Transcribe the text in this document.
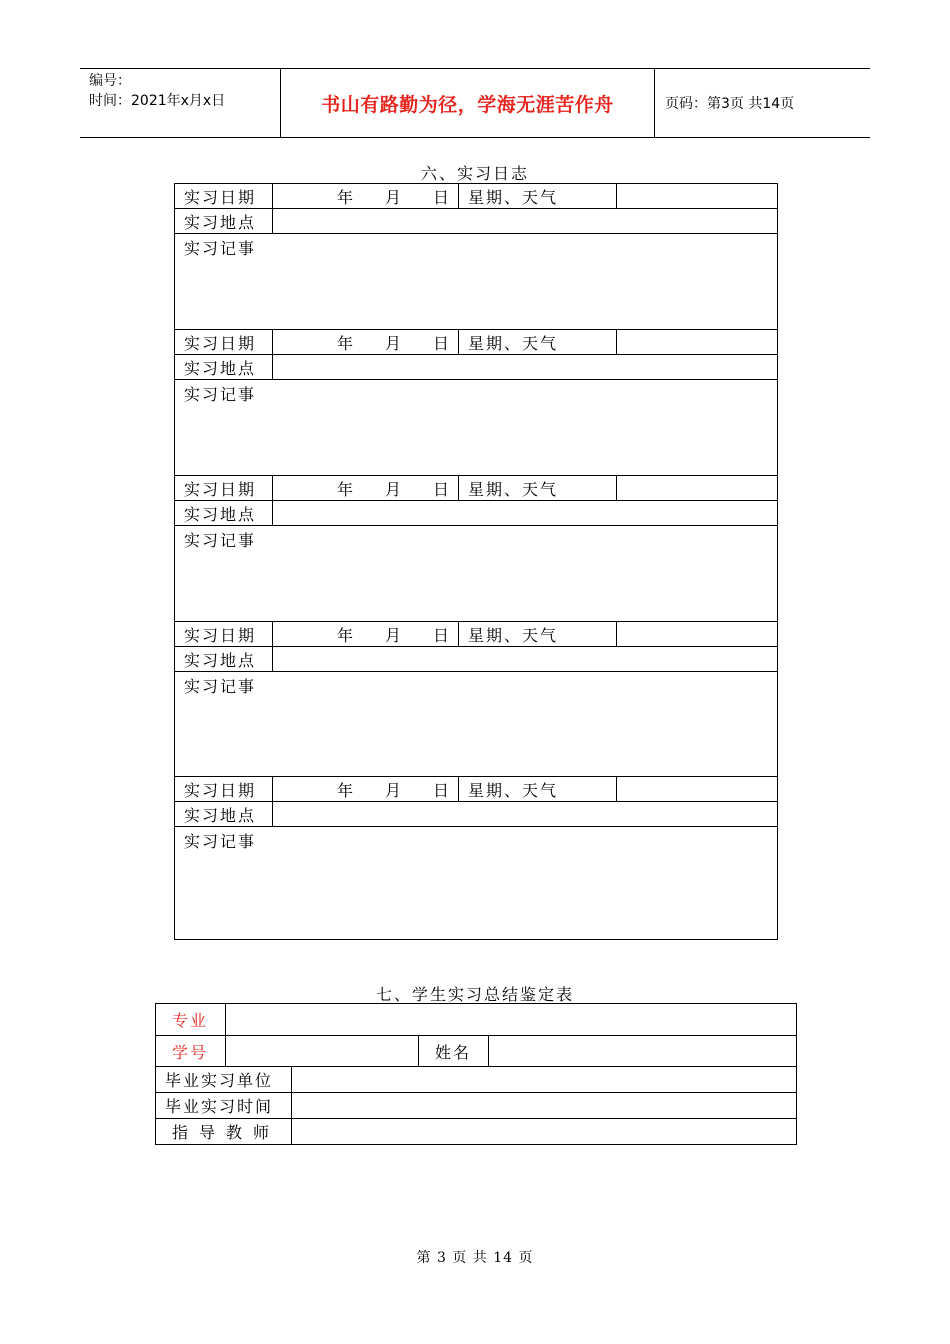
编号：
时间：2021年x月x日	书山有路勤为径，学海无涯苦作舟	页码：第3页 共14页
六、实习日志
实习日期	年 月 日	星期、天气	
实习地点			
实习记事			
实习日期	年 月 日	星期、天气	
实习地点			
实习记事			
实习日期	年 月 日	星期、天气	
实习地点			
实习记事			
实习日期	年 月 日	星期、天气	
实习地点			
实习记事			
实习日期	年 月 日	星期、天气	
实习地点			
实习记事			
七、学生实习总结鉴定表
专业				
学号			姓名	
毕业实习单位				
毕业实习时间				
指导教师				
第 3 页 共 14 页
